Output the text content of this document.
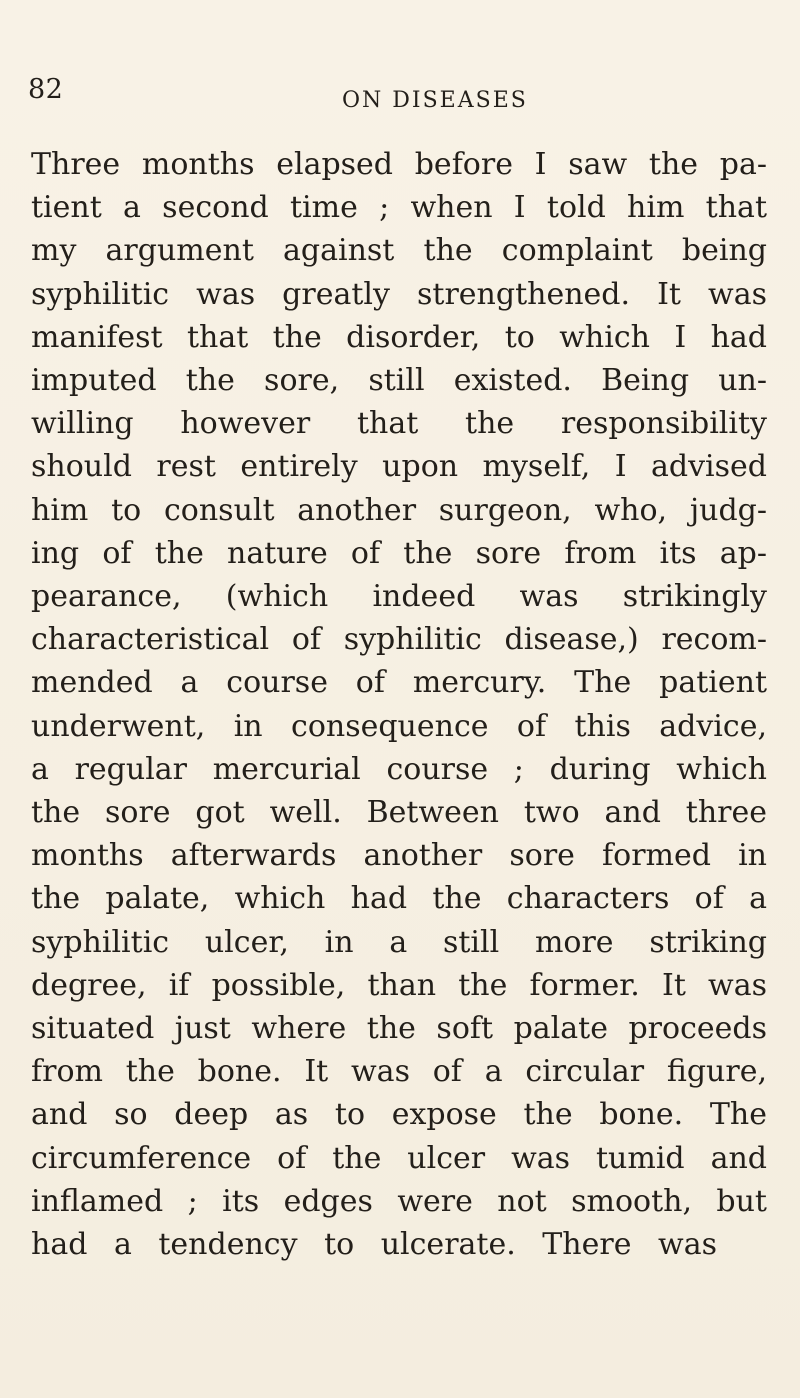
82	ON DISEASES
Three months elapsed before I saw the pa-
tient a second time ; when I told him that
my argument against the complaint being
syphilitic was greatly strengthened. It was
manifest that the disorder, to which I had
imputed the sore, still existed. Being un-
willing however that the responsibility
should rest entirely upon myself, I advised
him to consult another surgeon, who, judg-
ing of the nature of the sore from its ap-
pearance, (which indeed was strikingly
characteristical of syphilitic disease,) recom-
mended a course of mercury. The patient
underwent, in consequence of this advice,
a regular mercurial course ; during which
the sore got well. Between two and three
months afterwards another sore formed in
the palate, which had the characters of a
syphilitic ulcer, in a still more striking
degree, if possible, than the former. It was
situated just where the soft palate proceeds
from the bone. It was of a circular figure,
and so deep as to expose the bone. The
circumference of the ulcer was tumid and
inflamed ; its edges were not smooth, but
had a tendency to ulcerate. There was
